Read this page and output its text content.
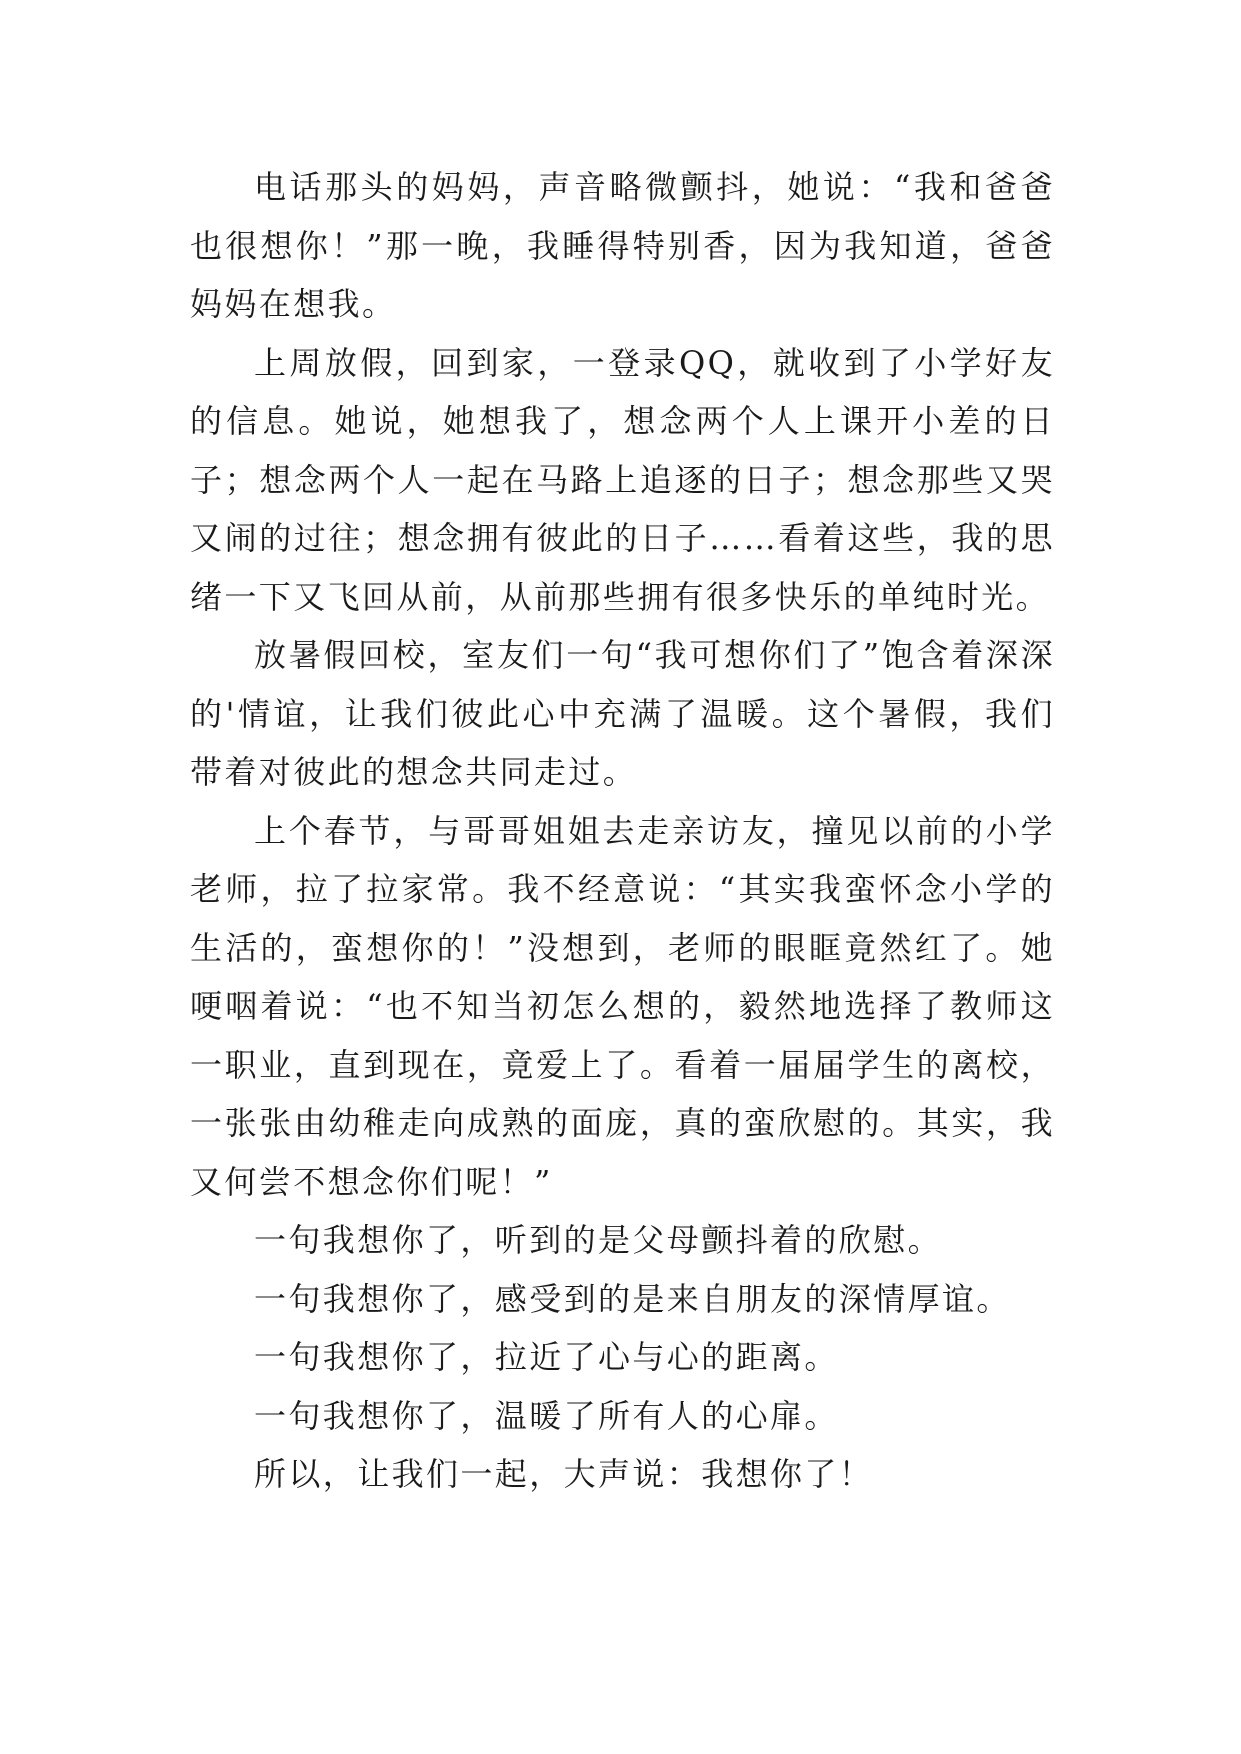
电话那头的妈妈，声音略微颤抖，她说：“我和爸爸也很想你！”那一晚，我睡得特别香，因为我知道，爸爸妈妈在想我。

上周放假，回到家，一登录QQ，就收到了小学好友的信息。她说，她想我了，想念两个人上课开小差的日子；想念两个人一起在马路上追逐的日子；想念那些又哭又闹的过往；想念拥有彼此的日子……看着这些，我的思绪一下又飞回从前，从前那些拥有很多快乐的单纯时光。

放暑假回校，室友们一句“我可想你们了”饱含着深深的'情谊，让我们彼此心中充满了温暖。这个暑假，我们带着对彼此的想念共同走过。

上个春节，与哥哥姐姐去走亲访友，撞见以前的小学老师，拉了拉家常。我不经意说：“其实我蛮怀念小学的生活的，蛮想你的！”没想到，老师的眼眶竟然红了。她哽咽着说：“也不知当初怎么想的，毅然地选择了教师这一职业，直到现在，竟爱上了。看着一届届学生的离校，一张张由幼稚走向成熟的面庞，真的蛮欣慰的。其实，我又何尝不想念你们呢！”

一句我想你了，听到的是父母颤抖着的欣慰。

一句我想你了，感受到的是来自朋友的深情厚谊。

一句我想你了，拉近了心与心的距离。

一句我想你了，温暖了所有人的心扉。

所以，让我们一起，大声说：我想你了！
